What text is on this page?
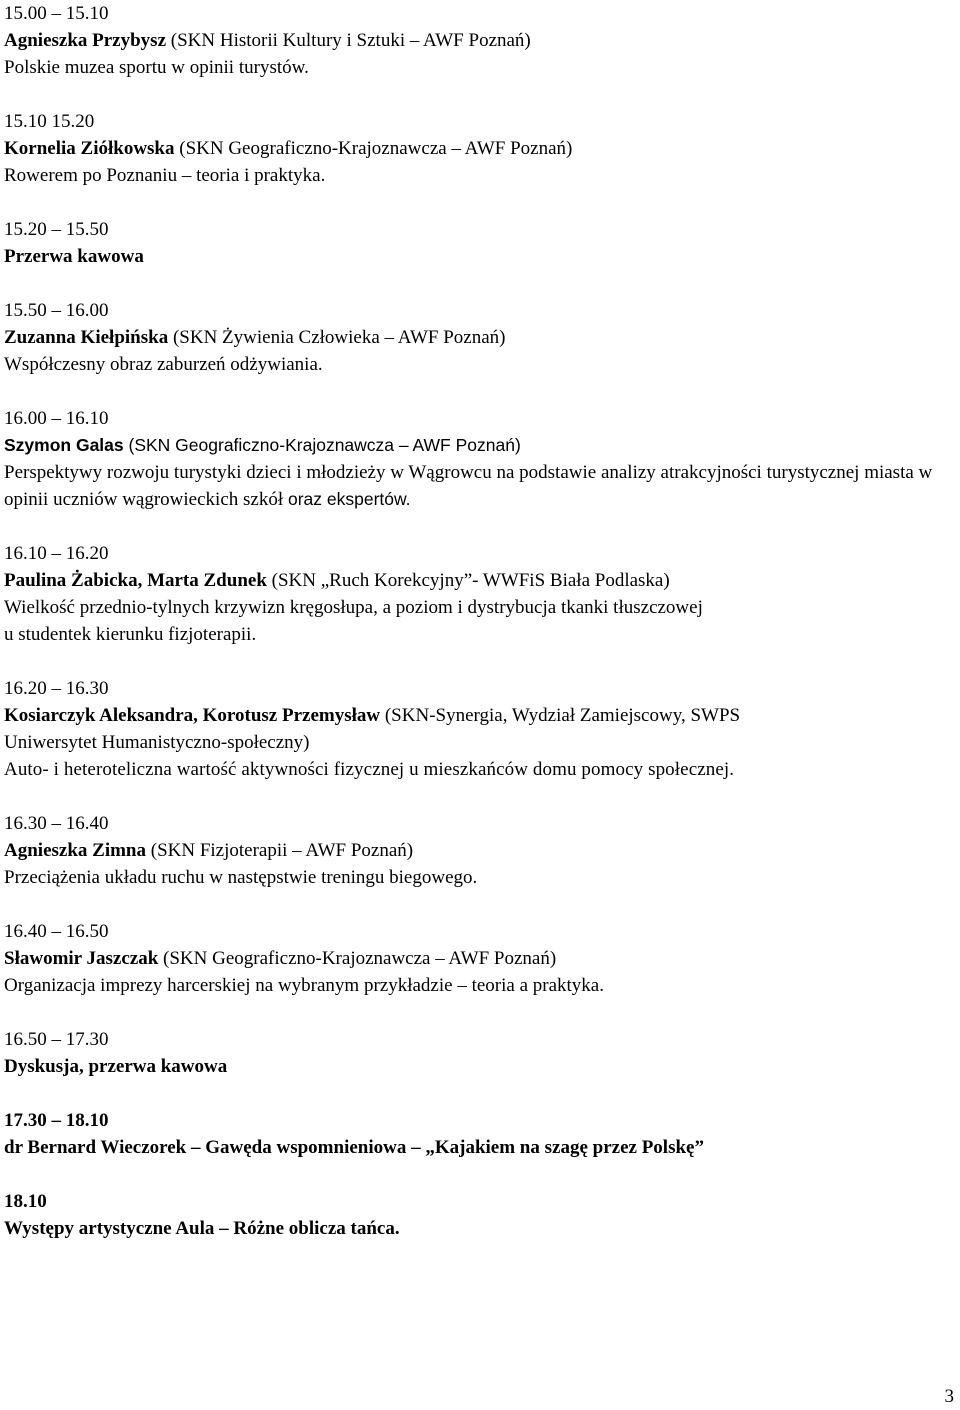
15.00 – 15.10
Agnieszka Przybysz (SKN Historii Kultury i Sztuki – AWF Poznań)
Polskie muzea sportu w opinii turystów.
15.10 15.20
Kornelia Ziółkowska (SKN Geograficzno-Krajoznawcza – AWF Poznań)
Rowerem po Poznaniu – teoria i praktyka.
15.20 – 15.50
Przerwa kawowa
15.50 – 16.00
Zuzanna Kiełpińska (SKN Żywienia Człowieka – AWF Poznań)
Współczesny obraz zaburzeń odżywiania.
16.00 – 16.10
Szymon Galas (SKN Geograficzno-Krajoznawcza – AWF Poznań)
Perspektywy rozwoju turystyki dzieci i młodzieży w Wągrowcu na podstawie analizy atrakcyjności turystycznej miasta w opinii uczniów wągrowieckich szkół oraz ekspertów.
16.10 – 16.20
Paulina Żabicka, Marta Zdunek (SKN „Ruch Korekcyjny”- WWFiS Biała Podlaska)
Wielkość przednio-tylnych krzywizn kręgosłupa, a poziom i dystrybucja tkanki tłuszczowej
u studentek kierunku fizjoterapii.
16.20 – 16.30
Kosiarczyk Aleksandra, Korotusz Przemysław (SKN-Synergia, Wydział Zamiejscowy, SWPS
Uniwersytet Humanistyczno-społeczny)
Auto- i heteroteliczna wartość aktywności fizycznej u mieszkańców domu pomocy społecznej.
16.30 – 16.40
Agnieszka Zimna (SKN Fizjoterapii – AWF Poznań)
Przeciążenia układu ruchu w następstwie treningu biegowego.
16.40 – 16.50
Sławomir Jaszczak (SKN Geograficzno-Krajoznawcza – AWF Poznań)
Organizacja imprezy harcerskiej na wybranym przykładzie – teoria a praktyka.
16.50 – 17.30
Dyskusja, przerwa kawowa
17.30 – 18.10
dr Bernard Wieczorek – Gawęda wspomnieniowa – „Kajakiem na szagę przez Polskę”
18.10
Występy artystyczne Aula – Różne oblicza tańca.
3
